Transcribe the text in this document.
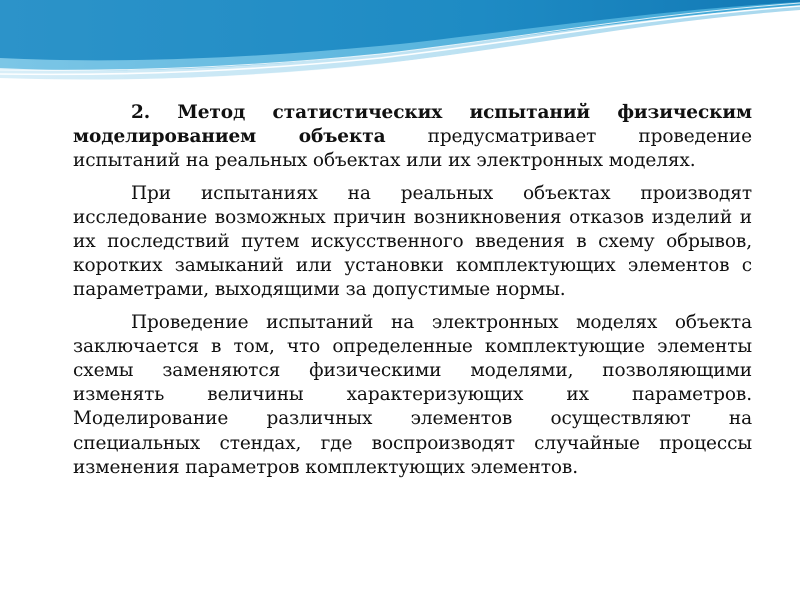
2. Метод статистических испытаний физическим моделированием объекта предусматривает проведение испытаний на реальных объектах или их электронных моделях.

При испытаниях на реальных объектах производят исследование возможных причин возникновения отказов изделий и их последствий путем искусственного введения в схему обрывов, коротких замыканий или установки комплектующих элементов с параметрами, выходящими за допустимые нормы.

Проведение испытаний на электронных моделях объекта заключается в том, что определенные комплектующие элементы схемы заменяются физическими моделями, позволяющими изменять величины характеризующих их параметров. Моделирование различных элементов осуществляют на специальных стендах, где воспроизводят случайные процессы изменения параметров комплектующих элементов.
